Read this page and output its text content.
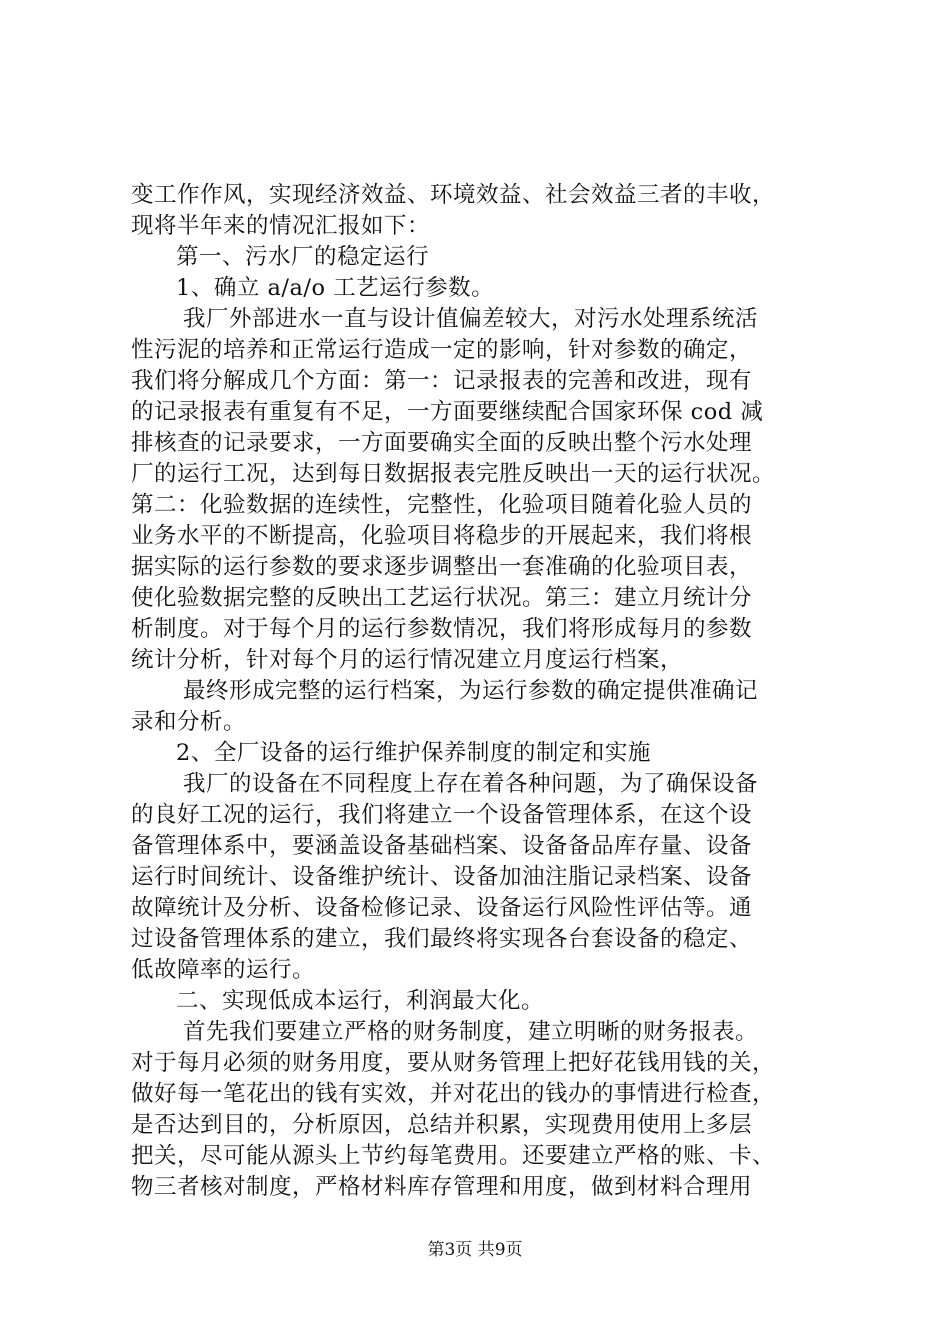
变工作作风，实现经济效益、环境效益、社会效益三者的丰收，
现将半年来的情况汇报如下：
第一、污水厂的稳定运行
1、确立 a/a/o 工艺运行参数。
我厂外部进水一直与设计值偏差较大，对污水处理系统活
性污泥的培养和正常运行造成一定的影响，针对参数的确定，
我们将分解成几个方面：第一：记录报表的完善和改进，现有
的记录报表有重复有不足，一方面要继续配合国家环保 cod 减
排核查的记录要求，一方面要确实全面的反映出整个污水处理
厂的运行工况，达到每日数据报表完胜反映出一天的运行状况。
第二：化验数据的连续性，完整性，化验项目随着化验人员的
业务水平的不断提高，化验项目将稳步的开展起来，我们将根
据实际的运行参数的要求逐步调整出一套准确的化验项目表，
使化验数据完整的反映出工艺运行状况。第三：建立月统计分
析制度。对于每个月的运行参数情况，我们将形成每月的参数
统计分析，针对每个月的运行情况建立月度运行档案，
最终形成完整的运行档案，为运行参数的确定提供准确记
录和分析。
2、全厂设备的运行维护保养制度的制定和实施
我厂的设备在不同程度上存在着各种问题，为了确保设备
的良好工况的运行，我们将建立一个设备管理体系，在这个设
备管理体系中，要涵盖设备基础档案、设备备品库存量、设备
运行时间统计、设备维护统计、设备加油注脂记录档案、设备
故障统计及分析、设备检修记录、设备运行风险性评估等。通
过设备管理体系的建立，我们最终将实现各台套设备的稳定、
低故障率的运行。
二、实现低成本运行，利润最大化。
首先我们要建立严格的财务制度，建立明晰的财务报表。
对于每月必须的财务用度，要从财务管理上把好花钱用钱的关，
做好每一笔花出的钱有实效，并对花出的钱办的事情进行检查，
是否达到目的，分析原因，总结并积累，实现费用使用上多层
把关，尽可能从源头上节约每笔费用。还要建立严格的账、卡、
物三者核对制度，严格材料库存管理和用度，做到材料合理用
第3页 共9页
